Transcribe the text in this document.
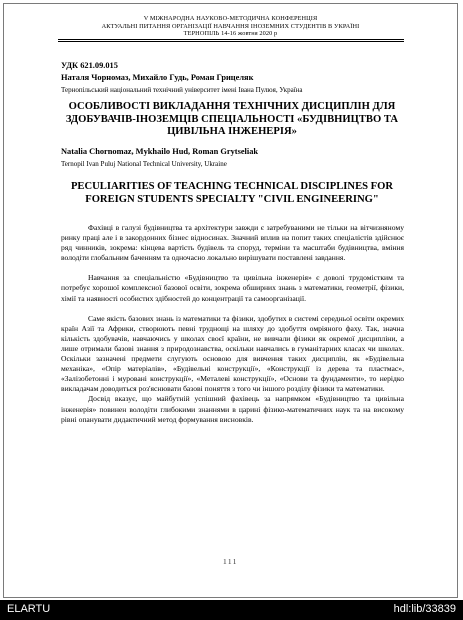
V МІЖНАРОДНА НАУКОВО-МЕТОДИЧНА КОНФЕРЕНЦІЯ
АКТУАЛЬНІ ПИТАННЯ ОРГАНІЗАЦІЇ НАВЧАННЯ ІНОЗЕМНИХ СТУДЕНТІВ В УКРАЇНІ
ТЕРНОПІЛЬ 14-16 жовтня 2020 р
УДК 621.09.015
Наталя Чорномаз, Михайло Гудь, Роман Грицеляк
Тернопільський національний технічний університет імені Івана Пулюя, Україна
ОСОБЛИВОСТІ ВИКЛАДАННЯ ТЕХНІЧНИХ ДИСЦИПЛІН ДЛЯ ЗДОБУВАЧІВ-ІНОЗЕМЦІВ СПЕЦІАЛЬНОСТІ «БУДІВНИЦТВО ТА ЦИВІЛЬНА ІНЖЕНЕРІЯ»
Natalia Chornomaz, Mykhailo Hud, Roman Grytseliak
Ternopil Ivan Puluj National Technical University, Ukraine
PECULIARITIES OF TEACHING TECHNICAL DISCIPLINES FOR FOREIGN STUDENTS SPECIALTY "CIVIL ENGINEERING"

Фахівці в галузі будівництва та архітектури завжди є затребуваними не тільки на вітчизняному ринку праці але і в закордонних бізнес відносинах. Значний вплив на попит таких спеціалістів здійснює ряд чинників, зокрема: кінцева вартість будівель та споруд, терміни та масштаби будівництва, вміння володіти глобальним баченням та одночасно локально вирішувати поставлені завдання.

Навчання за спеціальністю «Будівництво та цивільна інженерія» є доволі трудомістким та потребує хорошої комплексної базової освіти, зокрема обширних знань з математики, геометрії, фізики, хімії та наявності особистих здібностей до концентрації та самоорганізації.

Саме якість базових знань із математики та фізики, здобутих в системі середньої освіти окремих країн Азії та Африки, створюють певні труднощі на шляху до здобуття омріяного фаху. Так, значна кількість здобувачів, навчаючись у школах своєї країни, не вивчали фізики як окремої дисципліни, а лише отримали базові знання з природознавства, оскільки навчались в гуманітарних класах чи школах. Оскільки зазначені предмети слугують основою для вивчення таких дисциплін, як «Будівельна механіка», «Опір матеріалів», «Будівельні конструкції», «Конструкції із дерева та пластмас», «Залізобетонні і муровані конструкції», «Металеві конструкції», «Основи та фундаменти», то нерідко викладачам доводиться роз'яснювати базові поняття з того чи іншого розділу фізики та математики.

Досвід вказує, що майбутній успішний фахівець за напрямком «Будівництво та цивільна інженерія» повинен володіти глибокими знаннями в царині фізико-математичних наук та на високому рівні опанувати дидактичний метод формування висновків.

111
ELARTU	hdl:lib/33839
